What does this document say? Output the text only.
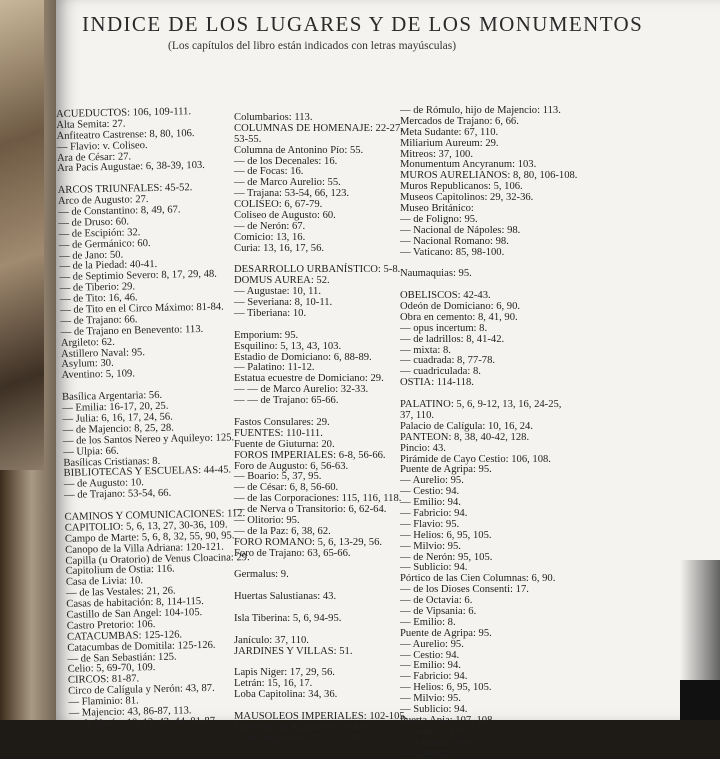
INDICE DE LOS LUGARES Y DE LOS MONUMENTOS
(Los capítulos del libro están indicados con letras mayúsculas)
ACUEDUCTOS: 106, 109-111.
Alta Semita: 27.
Anfiteatro Castrense: 8, 80, 106.
— Flavio: v. Coliseo.
Ara de César: 27.
Ara Pacis Augustae: 6, 38-39, 103.
ARCOS TRIUNFALES: 45-52.
Arco de Augusto: 27.
— de Constantino: 8, 49, 67.
— de Druso: 60.
— de Escipión: 32.
— de Germánico: 60.
— de Jano: 50.
— de la Piedad: 40-41.
— de Septimio Severo: 8, 17, 29, 48.
— de Tiberio: 29.
— de Tito: 16, 46.
— de Tito en el Circo Máximo: 81-84.
— de Trajano: 66.
— de Trajano en Benevento: 113.
Argileto: 62.
Astillero Naval: 95.
Asylum: 30.
Aventino: 5, 109.
Basílica Argentaria: 56.
— Emilia: 16-17, 20, 25.
— Julia: 6, 16, 17, 24, 56.
— de Majencio: 8, 25, 28.
— de los Santos Nereo y Aquileyo: 125.
— Ulpia: 66.
Basílicas Cristianas: 8.
BIBLIOTECAS Y ESCUELAS: 44-45.
— de Augusto: 10.
— de Trajano: 53-54, 66.
CAMINOS Y COMUNICACIONES: 112.
CAPITOLIO: 5, 6, 13, 27, 30-36, 109.
Campo de Marte: 5, 6, 8, 32, 55, 90, 95.
Canopo de la Villa Adriana: 120-121.
Capilla (u Oratorio) de Venus Cloacina: 29.
Capitolium de Ostia: 116.
Casa de Livia: 10.
— de las Vestales: 21, 26.
Casas de habitación: 8, 114-115.
Castillo de San Angel: 104-105.
Castro Pretorio: 106.
CATACUMBAS: 125-126.
Catacumbas de Domitila: 125-126.
— de San Sebastián: 125.
Celio: 5, 69-70, 109.
CIRCOS: 81-87.
Circo de Calígula y Nerón: 43, 87.
— Flaminio: 81.
— Majencio: 43, 86-87, 113.
— de Nerón: 10, 12, 43, 44, 81-87.
Columbarios: 113.
COLUMNAS DE HOMENAJE: 22-27,
53-55.
Columna de Antonino Pío: 55.
— de los Decenales: 16.
— de Focas: 16.
— de Marco Aurelio: 55.
— Trajana: 53-54, 66, 123.
COLISEO: 6, 67-79.
Coliseo de Augusto: 60.
— de Nerón: 67.
Comicio: 13, 16.
Curia: 13, 16, 17, 56.
DESARROLLO URBANÍSTICO: 5-8.
DOMUS AUREA: 52.
— Augustae: 10, 11.
— Severiana: 8, 10-11.
— Tiberiana: 10.
Emporium: 95.
Esquilino: 5, 13, 43, 103.
Estadio de Domiciano: 6, 88-89.
— Palatino: 11-12.
Estatua ecuestre de Domiciano: 29.
— — de Marco Aurelio: 32-33.
— — de Trajano: 65-66.
Fastos Consulares: 29.
FUENTES: 110-111.
Fuente de Giuturna: 20.
FOROS IMPERIALES: 6-8, 56-66.
Foro de Augusto: 6, 56-63.
— Boario: 5, 37, 95.
— de César: 6, 8, 56-60.
— de las Corporaciones: 115, 116, 118.
— de Nerva o Transitorio: 6, 62-64.
— Olitorio: 95.
— de la Paz: 6, 38, 62.
FORO ROMANO: 5, 6, 13-29, 56.
Foro de Trajano: 63, 65-66.
Germalus: 9.
Huertas Salustianas: 43.
Isla Tiberina: 5, 6, 94-95.
Janículo: 37, 110.
JARDINES Y VILLAS: 51.
Lapis Niger: 17, 29, 56.
Letrán: 15, 16, 17.
Loba Capitolina: 34, 36.
MAUSOLEOS IMPERIALES: 102-105.
Mausoleo de Adriano: 6, 104-105.
— de Augusto: 6, 43, 102-103.
— de Rómulo, hijo de Majencio: 113.
Mercados de Trajano: 6, 66.
Meta Sudante: 67, 110.
Miliarium Aureum: 29.
Mitreos: 37, 100.
Monumentum Ancyranum: 103.
MUROS AURELIANOS: 8, 80, 106-108.
Muros Republicanos: 5, 106.
Museos Capitolinos: 29, 32-36.
Museo Británico:
— de Foligno: 95.
— Nacional de Nápoles: 98.
— Nacional Romano: 98.
— Vaticano: 85, 98-100.
Naumaquias: 95.
OBELISCOS: 42-43.
Odeón de Domiciano: 6, 90.
Obra en cemento: 8, 41, 90.
— opus incertum: 8.
— de ladrillos: 8, 41-42.
— mixta: 8.
— cuadrada: 8, 77-78.
— cuadriculada: 8.
OSTIA: 114-118.
PALATINO: 5, 6, 9-12, 13, 16, 24-25,
37, 110.
Palacio de Calígula: 10, 16, 24.
PANTEON: 8, 38, 40-42, 128.
Pincio: 43.
Pirámide de Cayo Cestio: 106, 108.
Puente de Agripa: 95.
— Aurelio: 95.
— Cestio: 94.
— Emilio: 94.
— Fabricio: 94.
— Flavio: 95.
— Helios: 6, 95, 105.
— Milvio: 95.
— de Nerón: 95, 105.
— Sublicio: 94.
Pórtico de las Cien Columnas: 6, 90.
— de los Dioses Consenti: 17.
— de Octavia: 6.
— de Vipsania: 6.
— Emilio: 8.
Puente de Agripa: 95.
— Aurelio: 95.
— Cestio: 94.
— Emilio: 94.
— Fabricio: 94.
— Helios: 6, 95, 105.
— Milvio: 95.
— Sublicio: 94.
Puerta Apia: 107, 108.
— Aurelia: 108.
— Asinaria: 106.
— Capena: 5.
